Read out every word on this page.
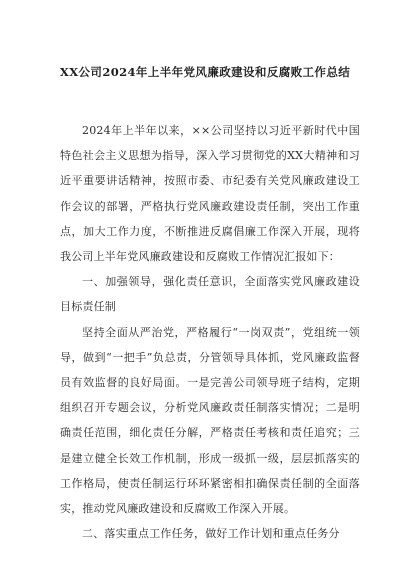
XX公司2024年上半年党风廉政建设和反腐败工作总结

2024年上半年以来，××公司坚持以习近平新时代中国特色社会主义思想为指导，深入学习贯彻党的XX大精神和习近平重要讲话精神，按照市委、市纪委有关党风廉政建设工作会议的部署，严格执行党风廉政建设责任制，突出工作重点，加大工作力度，不断推进反腐倡廉工作深入开展，现将我公司上半年党风廉政建设和反腐败工作情况汇报如下：

一、加强领导，强化责任意识，全面落实党风廉政建设目标责任制

坚持全面从严治党，严格履行“一岗双责”，党组统一领导，做到“一把手”负总责，分管领导具体抓，党风廉政监督员有效监督的良好局面。一是完善公司领导班子结构，定期组织召开专题会议，分析党风廉政责任制落实情况；二是明确责任范围，细化责任分解，严格责任考核和责任追究；三是建立健全长效工作机制，形成一级抓一级，层层抓落实的工作格局，使责任制运行环环紧密相扣确保责任制的全面落实，推动党风廉政建设和反腐败工作深入开展。

二、落实重点工作任务，做好工作计划和重点任务分
